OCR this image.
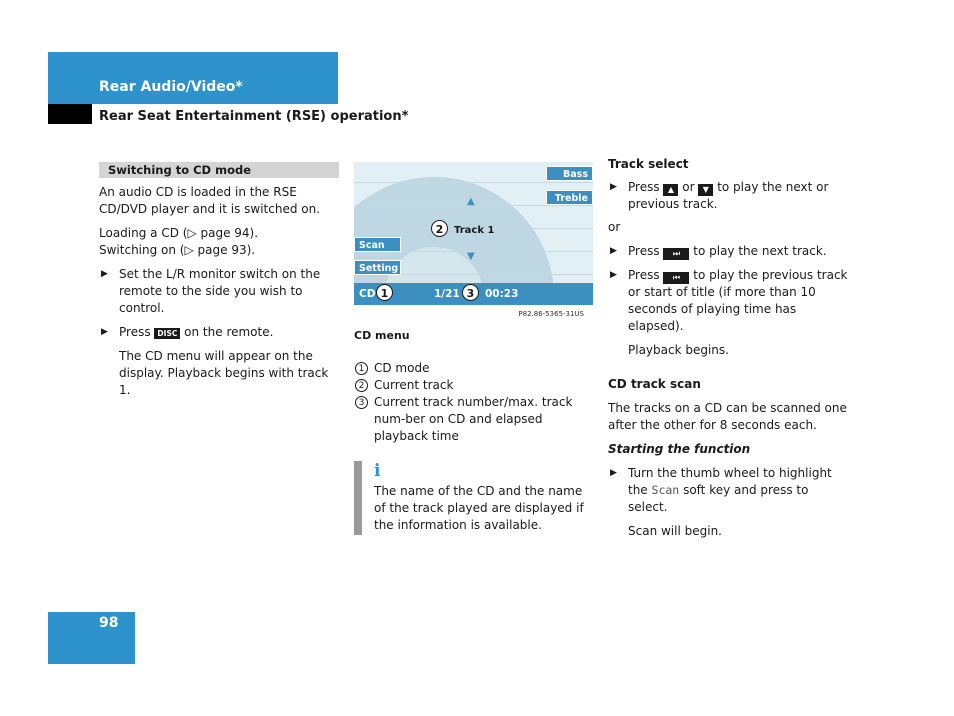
Rear Audio/Video*
Rear Seat Entertainment (RSE) operation*
Switching to CD mode

An audio CD is loaded in the RSE CD/DVD player and it is switched on.

Loading a CD (▷ page 94).

Switching on (▷ page 93).

▶ Set the L/R monitor switch on the remote to the side you wish to control.
▶ Press DISC on the remote.

The CD menu will appear on the display. Playback begins with track 1.

Bass
Treble
Scan
Setting
▲
▼
2	Track 1
CD	1/21 00:23
1	3
P82.86-5365-31US
CD menu
1 CD mode
2 Current track
3 Current track number/max. track num-ber on CD and elapsed playback time
i
The name of the CD and the name of the track played are displayed if the information is available.

Track select

▶ Press ▲ or ▼ to play the next or previous track.

or

▶ Press ⏭ to play the next track.
▶ Press ⏮ to play the previous track or start of title (if more than 10 seconds of playing time has elapsed).

Playback begins.

CD track scan

The tracks on a CD can be scanned one after the other for 8 seconds each.

Starting the function

▶ Turn the thumb wheel to highlight the Scan soft key and press to select.

Scan will begin.

98
